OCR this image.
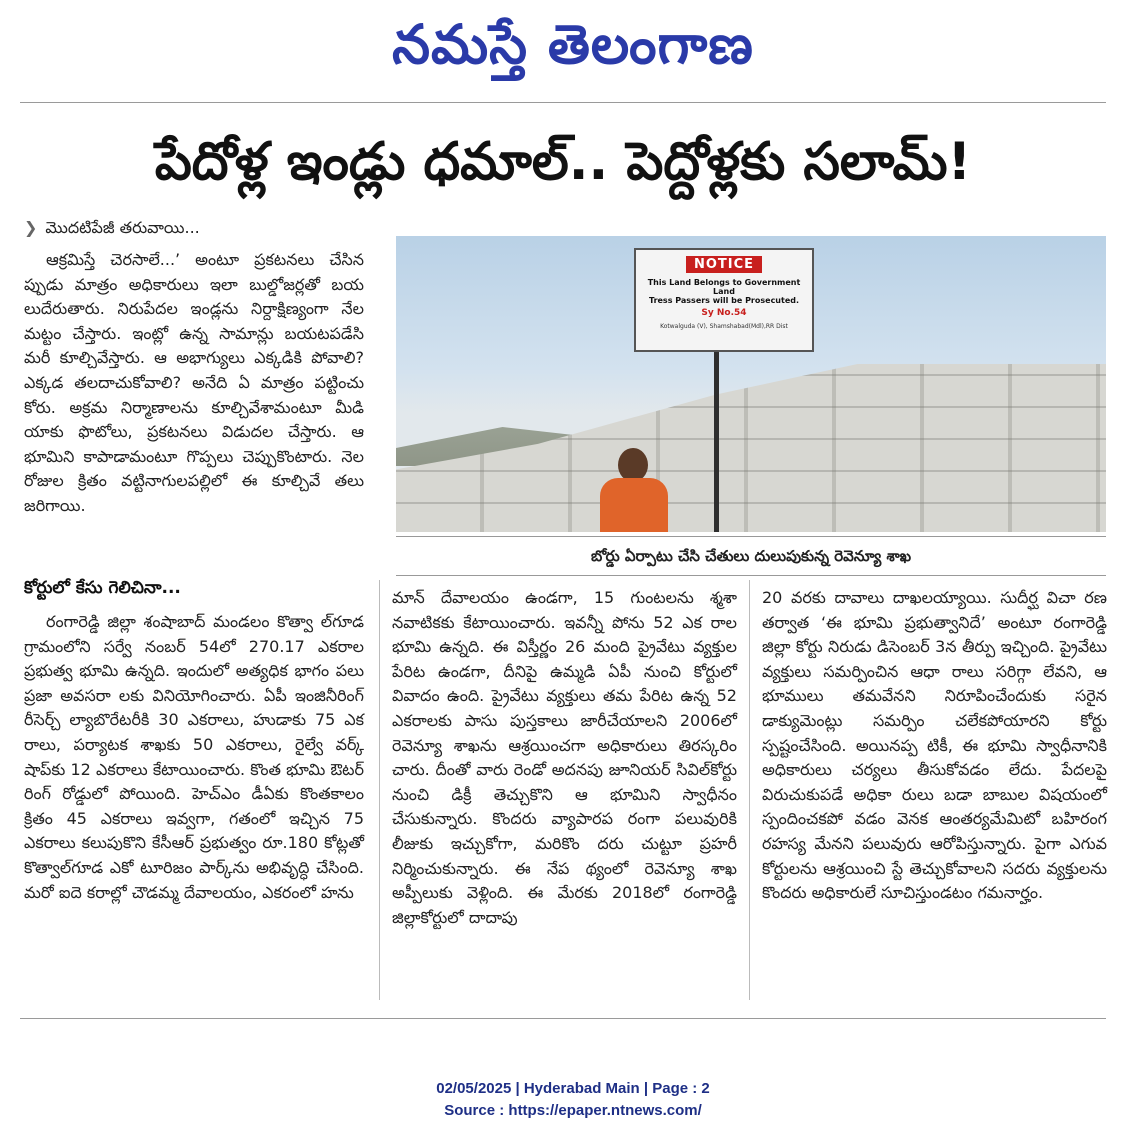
నమస్తే తెలంగాణ
పేదోళ్ల ఇండ్లు ధమాల్‌.. పెద్దోళ్లకు సలామ్‌!
❯ మొదటిపేజీ తరువాయి...

ఆక్రమిస్తే చెరసాలే...’ అంటూ ప్రకటనలు చేసిన ప్పుడు మాత్రం అధికారులు ఇలా బుల్డోజర్లతో బయ లుదేరుతారు. నిరుపేదల ఇండ్లను నిర్దాక్షిణ్యంగా నేల మట్టం చేస్తారు. ఇంట్లో ఉన్న సామాన్లు బయటపడేసి మరీ కూల్చివేస్తారు. ఆ అభాగ్యులు ఎక్కడికి పోవాలి? ఎక్కడ తలదాచుకోవాలి? అనేది ఏ మాత్రం పట్టించు కోరు. అక్రమ నిర్మాణాలను కూల్చివేశామంటూ మీడి యాకు ఫొటోలు, ప్రకటనలు విడుదల చేస్తారు. ఆ భూమిని కాపాడామంటూ గొప్పలు చెప్పుకొంటారు. నెల రోజుల క్రితం వట్టినాగులపల్లిలో ఈ కూల్చివే తలు జరిగాయి.

కోర్టులో కేసు గెలిచినా...

రంగారెడ్డి జిల్లా శంషాబాద్‌ మండలం కొత్వా ల్‌గూడ గ్రామంలోని సర్వే నంబర్‌ 54లో 270.17 ఎకరాల ప్రభుత్వ భూమి ఉన్నది. ఇందులో అత్యధిక భాగం పలు ప్రజా అవసరా లకు వినియోగించారు. ఏపీ ఇంజినీరింగ్‌ రీసెర్చ్‌ ల్యాబొరేటరీకి 30 ఎకరాలు, హుడాకు 75 ఎక రాలు, పర్యాటక శాఖకు 50 ఎకరాలు, రైల్వే వర్క్‌ షాప్‌కు 12 ఎకరాలు కేటాయించారు. కొంత భూమి ఔటర్‌ రింగ్‌ రోడ్డులో పోయింది. హెచ్‌ఎం డీఏకు కొంతకాలం క్రితం 45 ఎకరాలు ఇవ్వగా, గతంలో ఇచ్చిన 75 ఎకరాలు కలుపుకొని కేసీఆర్‌ ప్రభుత్వం రూ.180 కోట్లతో కొత్వాల్‌గూడ ఎకో టూరిజం పార్క్‌ను అభివృద్ధి చేసింది. మరో ఐదె కరాల్లో చౌడమ్మ దేవాలయం, ఎకరంలో హను

మాన్‌ దేవాలయం ఉండగా, 15 గుంటలను శ్మశా నవాటికకు కేటాయించారు. ఇవన్నీ పోను 52 ఎక రాల భూమి ఉన్నది. ఈ విస్తీర్ణం 26 మంది ప్రైవేటు వ్యక్తుల పేరిట ఉండగా, దీనిపై ఉమ్మడి ఏపీ నుంచి కోర్టులో వివాదం ఉంది. ప్రైవేటు వ్యక్తులు తమ పేరిట ఉన్న 52 ఎకరాలకు పాసు పుస్తకాలు జారీచేయాలని 2006లో రెవెన్యూ శాఖను ఆశ్రయించగా అధికారులు తిరస్కరిం చారు. దీంతో వారు రెండో అదనపు జూనియర్‌ సివిల్‌కోర్టు నుంచి డిక్రీ తెచ్చుకొని ఆ భూమిని స్వాధీనం చేసుకున్నారు. కొందరు వ్యాపారప రంగా పలువురికి లీజుకు ఇచ్చుకోగా, మరికొం దరు చుట్టూ ప్రహరీ నిర్మించుకున్నారు. ఈ నేప థ్యంలో రెవెన్యూ శాఖ అప్పీలుకు వెళ్లింది. ఈ మేరకు 2018లో రంగారెడ్డి జిల్లాకోర్టులో దాదాపు

20 వరకు దావాలు దాఖలయ్యాయి. సుదీర్ఘ విచా రణ తర్వాత ‘ఈ భూమి ప్రభుత్వానిదే’ అంటూ రంగారెడ్డి జిల్లా కోర్టు నిరుడు డిసెంబర్‌ 3న తీర్పు ఇచ్చింది. ప్రైవేటు వ్యక్తులు సమర్పించిన ఆధా రాలు సరిగ్గా లేవని, ఆ భూములు తమవేనని నిరూపించేందుకు సరైన డాక్యుమెంట్లు సమర్పిం చలేకపోయారని కోర్టు స్పష్టంచేసింది. అయినప్ప టికీ, ఈ భూమి స్వాధీనానికి అధికారులు చర్యలు తీసుకోవడం లేదు. పేదలపై విరుచుకుపడే అధికా రులు బడా బాబుల విషయంలో స్పందించకపో వడం వెనక ఆంతర్యమేమిటో బహిరంగ రహస్య మేనని పలువురు ఆరోపిస్తున్నారు. పైగా ఎగువ కోర్టులను ఆశ్రయించి స్టే తెచ్చుకోవాలని సదరు వ్యక్తులను కొందరు అధికారులే సూచిస్తుండటం గమనార్హం.

NOTICE
This Land Belongs to Government Land
Tress Passers will be Prosecuted.
Sy No.54
Kotwalguda (V), Shamshabad(Mdl),RR Dist
బోర్డు ఏర్పాటు చేసి చేతులు దులుపుకున్న రెవెన్యూ శాఖ
02/05/2025 | Hyderabad Main | Page : 2
Source : https://epaper.ntnews.com/
